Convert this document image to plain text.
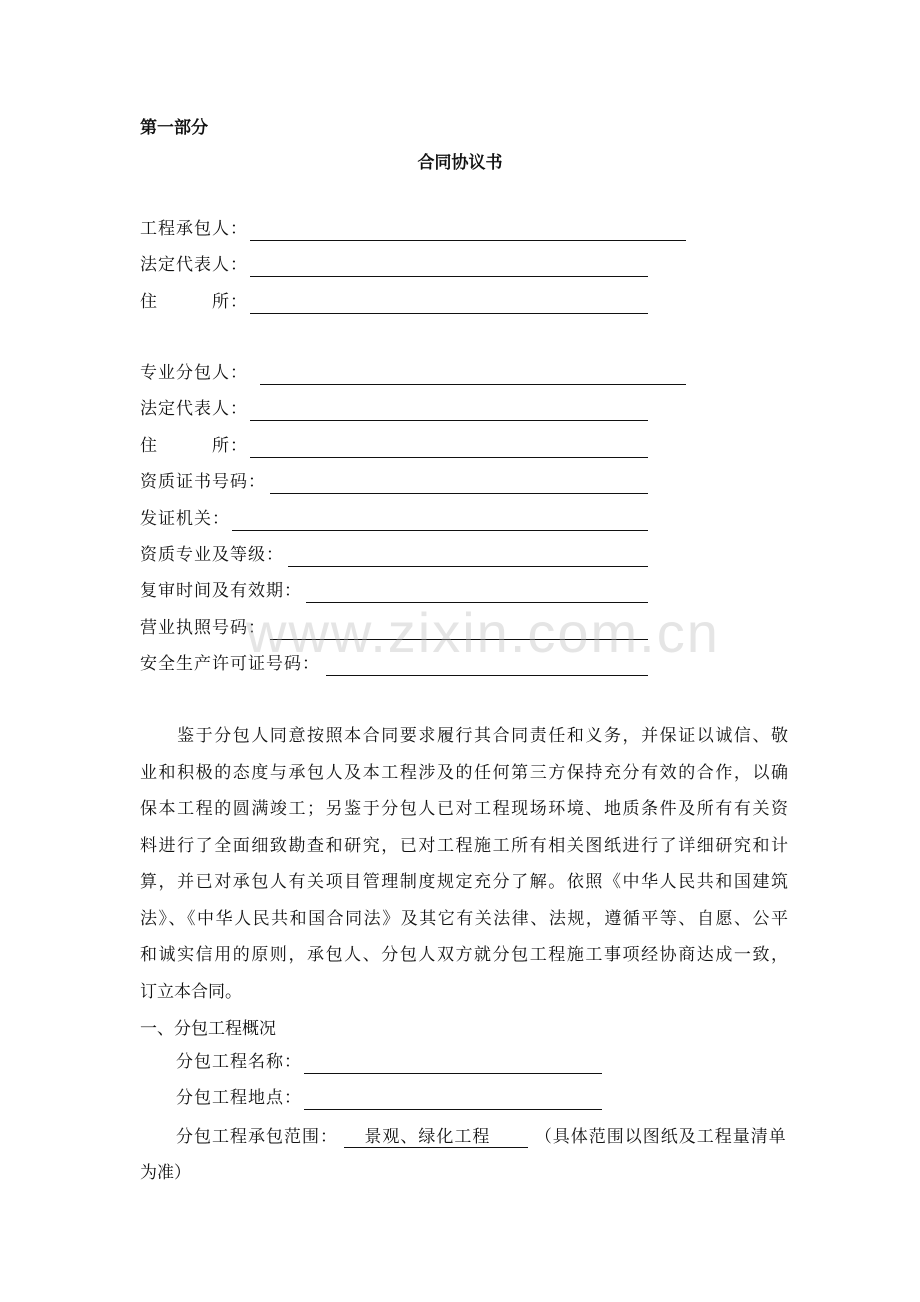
第一部分
合同协议书
工程承包人：
法定代表人：
住　　　所：
专业分包人：
法定代表人：
住　　　所：
资质证书号码：
发证机关：
资质专业及等级：
复审时间及有效期：
营业执照号码：
安全生产许可证号码：
www.zixin.com.cn
　　鉴于分包人同意按照本合同要求履行其合同责任和义务，并保证以诚信、敬
业和积极的态度与承包人及本工程涉及的任何第三方保持充分有效的合作，以确
保本工程的圆满竣工；另鉴于分包人已对工程现场环境、地质条件及所有有关资
料进行了全面细致勘查和研究，已对工程施工所有相关图纸进行了详细研究和计
算，并已对承包人有关项目管理制度规定充分了解。依照《中华人民共和国建筑
法》、《中华人民共和国合同法》及其它有关法律、法规，遵循平等、自愿、公平
和诚实信用的原则，承包人、分包人双方就分包工程施工事项经协商达成一致，
订立本合同。
一、分包工程概况
分包工程名称：
分包工程地点：
分包工程承包范围： 景观、绿化工程	（具体范围以图纸及工程量清单
为准）
